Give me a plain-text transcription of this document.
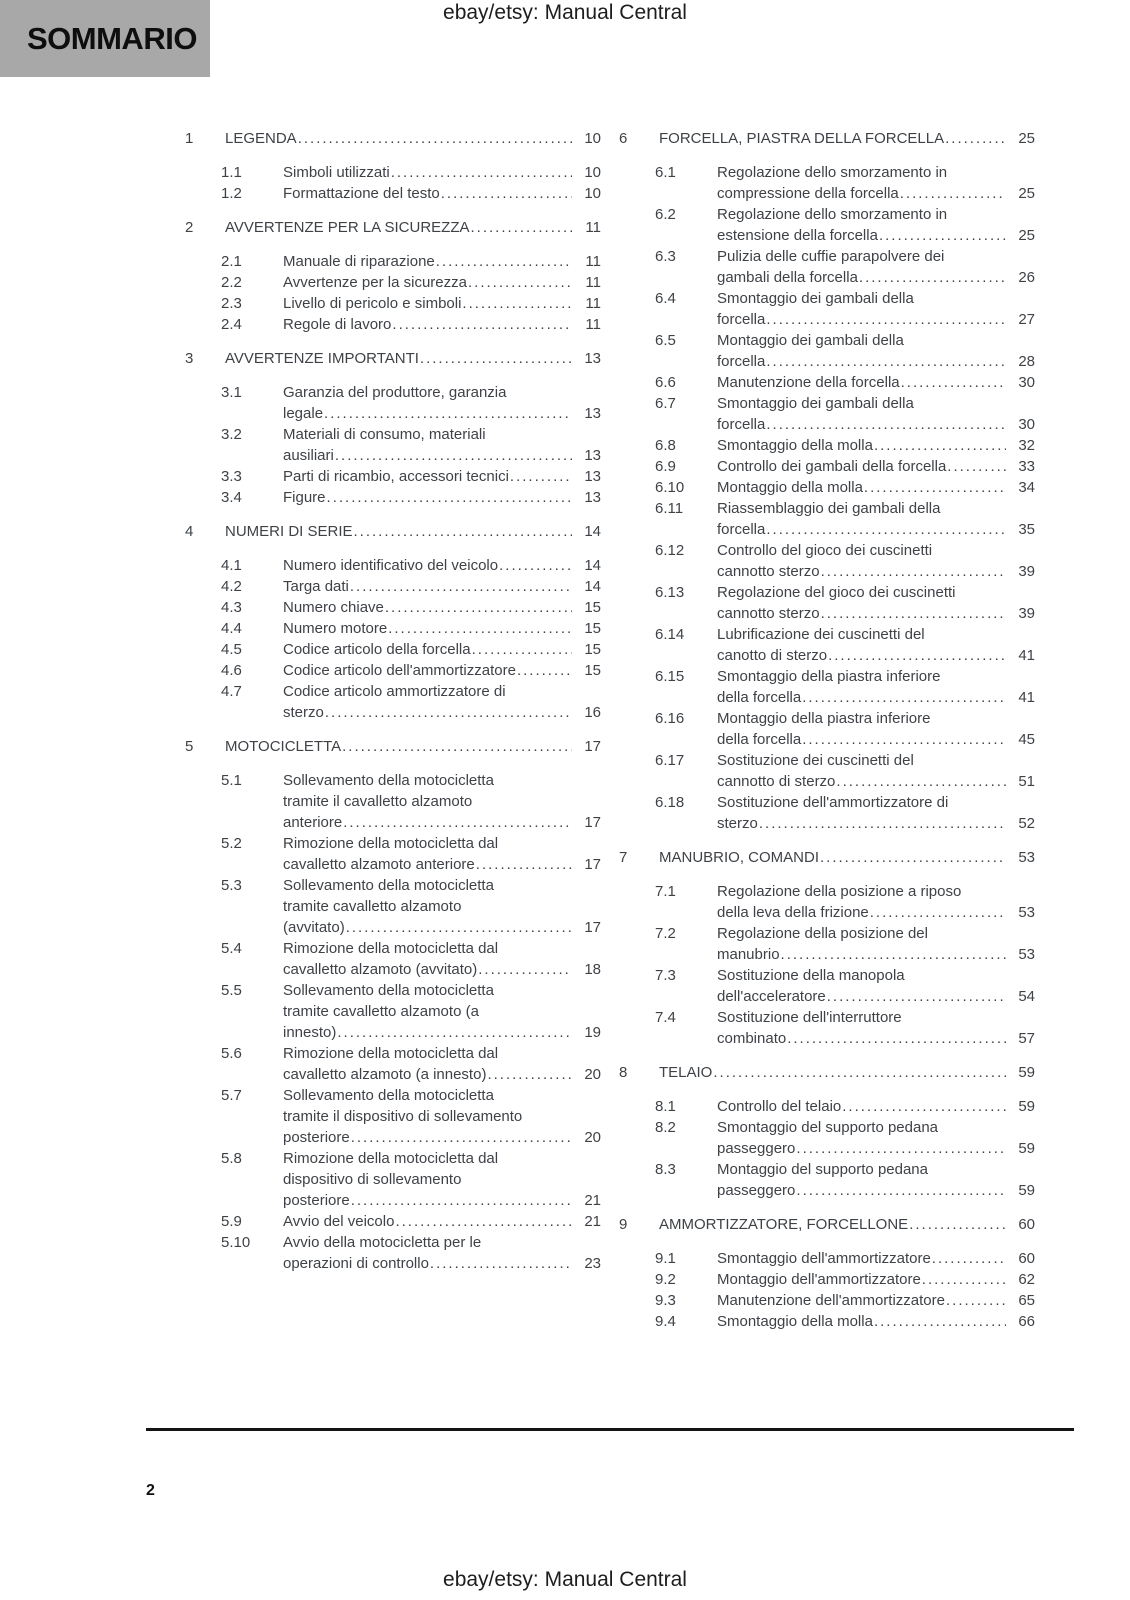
ebay/etsy: Manual Central
SOMMARIO
1	LEGENDA .....	10
1.1	Simboli utilizzati .....	10
1.2	Formattazione del testo .....	10
2	AVVERTENZE PER LA SICUREZZA .....	11
2.1	Manuale di riparazione .....	11
2.2	Avvertenze per la sicurezza .....	11
2.3	Livello di pericolo e simboli .....	11
2.4	Regole di lavoro .....	11
3	AVVERTENZE IMPORTANTI .....	13
3.1	Garanzia del produttore, garanzia
legale .....	13
3.2	Materiali di consumo, materiali
ausiliari .....	13
3.3	Parti di ricambio, accessori tecnici .....	13
3.4	Figure .....	13
4	NUMERI DI SERIE .....	14
4.1	Numero identificativo del veicolo .....	14
4.2	Targa dati .....	14
4.3	Numero chiave .....	15
4.4	Numero motore .....	15
4.5	Codice articolo della forcella .....	15
4.6	Codice articolo dell'ammortizzatore .....	15
4.7	Codice articolo ammortizzatore di
sterzo .....	16
5	MOTOCICLETTA .....	17
5.1	Sollevamento della motocicletta
tramite il cavalletto alzamoto
anteriore .....	17
5.2	Rimozione della motocicletta dal
cavalletto alzamoto anteriore .....	17
5.3	Sollevamento della motocicletta
tramite cavalletto alzamoto
(avvitato) .....	17
5.4	Rimozione della motocicletta dal
cavalletto alzamoto (avvitato) .....	18
5.5	Sollevamento della motocicletta
tramite cavalletto alzamoto (a
innesto) .....	19
5.6	Rimozione della motocicletta dal
cavalletto alzamoto (a innesto) .....	20
5.7	Sollevamento della motocicletta
tramite il dispositivo di sollevamento
posteriore .....	20
5.8	Rimozione della motocicletta dal
dispositivo di sollevamento
posteriore .....	21
5.9	Avvio del veicolo .....	21
5.10	Avvio della motocicletta per le
operazioni di controllo .....	23
6	FORCELLA, PIASTRA DELLA FORCELLA .....	25
6.1	Regolazione dello smorzamento in
compressione della forcella .....	25
6.2	Regolazione dello smorzamento in
estensione della forcella .....	25
6.3	Pulizia delle cuffie parapolvere dei
gambali della forcella .....	26
6.4	Smontaggio dei gambali della
forcella .....	27
6.5	Montaggio dei gambali della
forcella .....	28
6.6	Manutenzione della forcella .....	30
6.7	Smontaggio dei gambali della
forcella .....	30
6.8	Smontaggio della molla .....	32
6.9	Controllo dei gambali della forcella .....	33
6.10	Montaggio della molla .....	34
6.11	Riassemblaggio dei gambali della
forcella .....	35
6.12	Controllo del gioco dei cuscinetti
cannotto sterzo .....	39
6.13	Regolazione del gioco dei cuscinetti
cannotto sterzo .....	39
6.14	Lubrificazione dei cuscinetti del
canotto di sterzo .....	41
6.15	Smontaggio della piastra inferiore
della forcella .....	41
6.16	Montaggio della piastra inferiore
della forcella .....	45
6.17	Sostituzione dei cuscinetti del
cannotto di sterzo .....	51
6.18	Sostituzione dell'ammortizzatore di
sterzo .....	52
7	MANUBRIO, COMANDI .....	53
7.1	Regolazione della posizione a riposo
della leva della frizione .....	53
7.2	Regolazione della posizione del
manubrio .....	53
7.3	Sostituzione della manopola
dell'acceleratore .....	54
7.4	Sostituzione dell'interruttore
combinato .....	57
8	TELAIO .....	59
8.1	Controllo del telaio .....	59
8.2	Smontaggio del supporto pedana
passeggero .....	59
8.3	Montaggio del supporto pedana
passeggero .....	59
9	AMMORTIZZATORE, FORCELLONE .....	60
9.1	Smontaggio dell'ammortizzatore .....	60
9.2	Montaggio dell'ammortizzatore .....	62
9.3	Manutenzione dell'ammortizzatore .....	65
9.4	Smontaggio della molla .....	66
2
ebay/etsy: Manual Central
